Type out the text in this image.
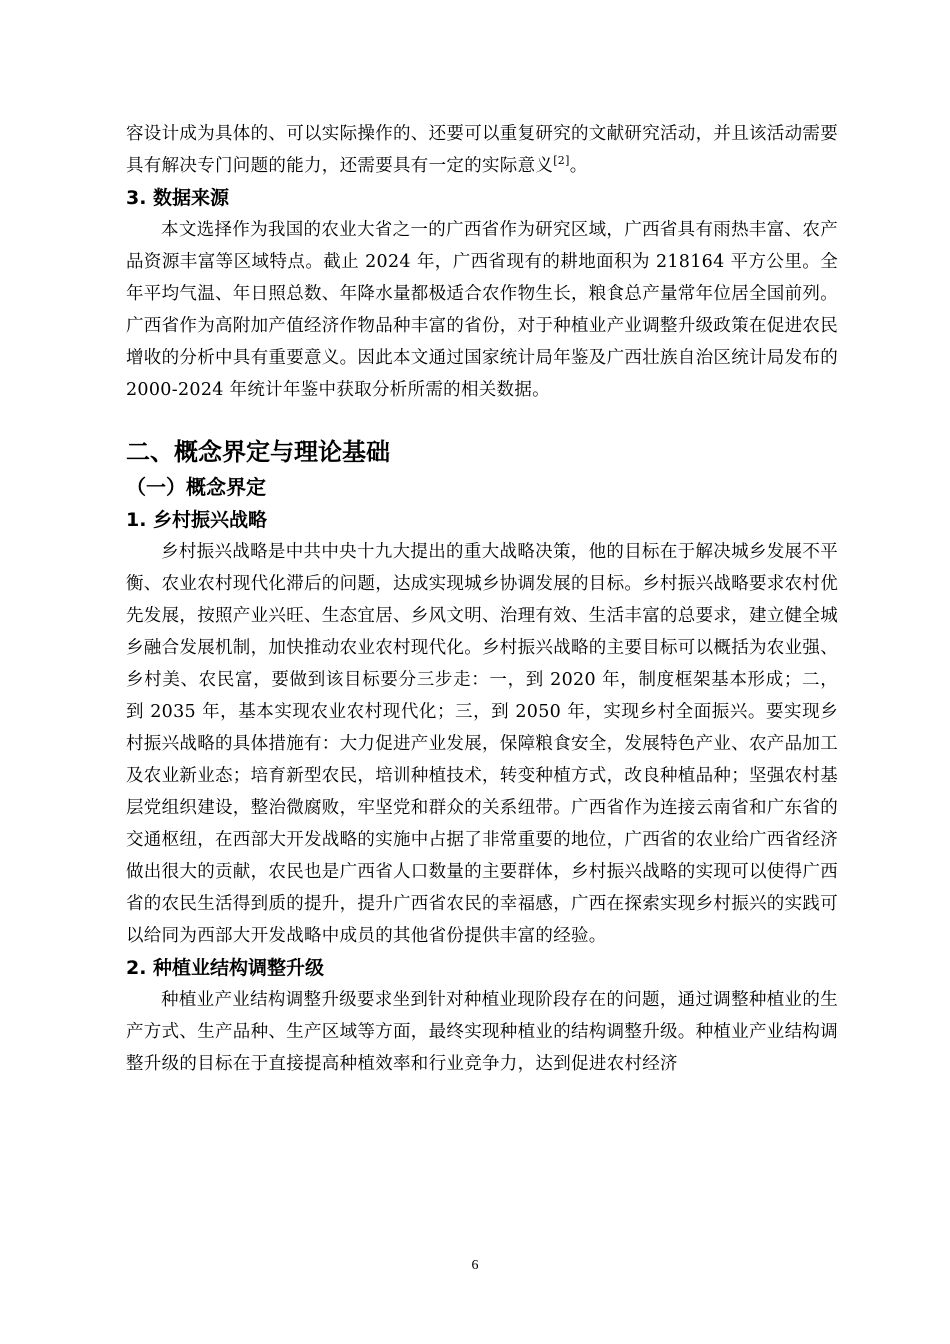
容设计成为具体的、可以实际操作的、还要可以重复研究的文献研究活动，并且该活动需要具有解决专门问题的能力，还需要具有一定的实际意义[2]。

3. 数据来源

本文选择作为我国的农业大省之一的广西省作为研究区域，广西省具有雨热丰富、农产品资源丰富等区域特点。截止 2024 年，广西省现有的耕地面积为 218164 平方公里。全年平均气温、年日照总数、年降水量都极适合农作物生长，粮食总产量常年位居全国前列。广西省作为高附加产值经济作物品种丰富的省份，对于种植业产业调整升级政策在促进农民增收的分析中具有重要意义。因此本文通过国家统计局年鉴及广西壮族自治区统计局发布的 2000-2024 年统计年鉴中获取分析所需的相关数据。

二、概念界定与理论基础
（一）概念界定
1. 乡村振兴战略

乡村振兴战略是中共中央十九大提出的重大战略决策，他的目标在于解决城乡发展不平衡、农业农村现代化滞后的问题，达成实现城乡协调发展的目标。乡村振兴战略要求农村优先发展，按照产业兴旺、生态宜居、乡风文明、治理有效、生活丰富的总要求，建立健全城乡融合发展机制，加快推动农业农村现代化。乡村振兴战略的主要目标可以概括为农业强、乡村美、农民富，要做到该目标要分三步走：一，到 2020 年，制度框架基本形成；二，到 2035 年，基本实现农业农村现代化；三，到 2050 年，实现乡村全面振兴。要实现乡村振兴战略的具体措施有：大力促进产业发展，保障粮食安全，发展特色产业、农产品加工及农业新业态；培育新型农民，培训种植技术，转变种植方式，改良种植品种；坚强农村基层党组织建设，整治微腐败，牢坚党和群众的关系纽带。广西省作为连接云南省和广东省的交通枢纽，在西部大开发战略的实施中占据了非常重要的地位，广西省的农业给广西省经济做出很大的贡献，农民也是广西省人口数量的主要群体，乡村振兴战略的实现可以使得广西省的农民生活得到质的提升，提升广西省农民的幸福感，广西在探索实现乡村振兴的实践可以给同为西部大开发战略中成员的其他省份提供丰富的经验。

2. 种植业结构调整升级

种植业产业结构调整升级要求坐到针对种植业现阶段存在的问题，通过调整种植业的生产方式、生产品种、生产区域等方面，最终实现种植业的结构调整升级。种植业产业结构调整升级的目标在于直接提高种植效率和行业竞争力，达到促进农村经济

6
